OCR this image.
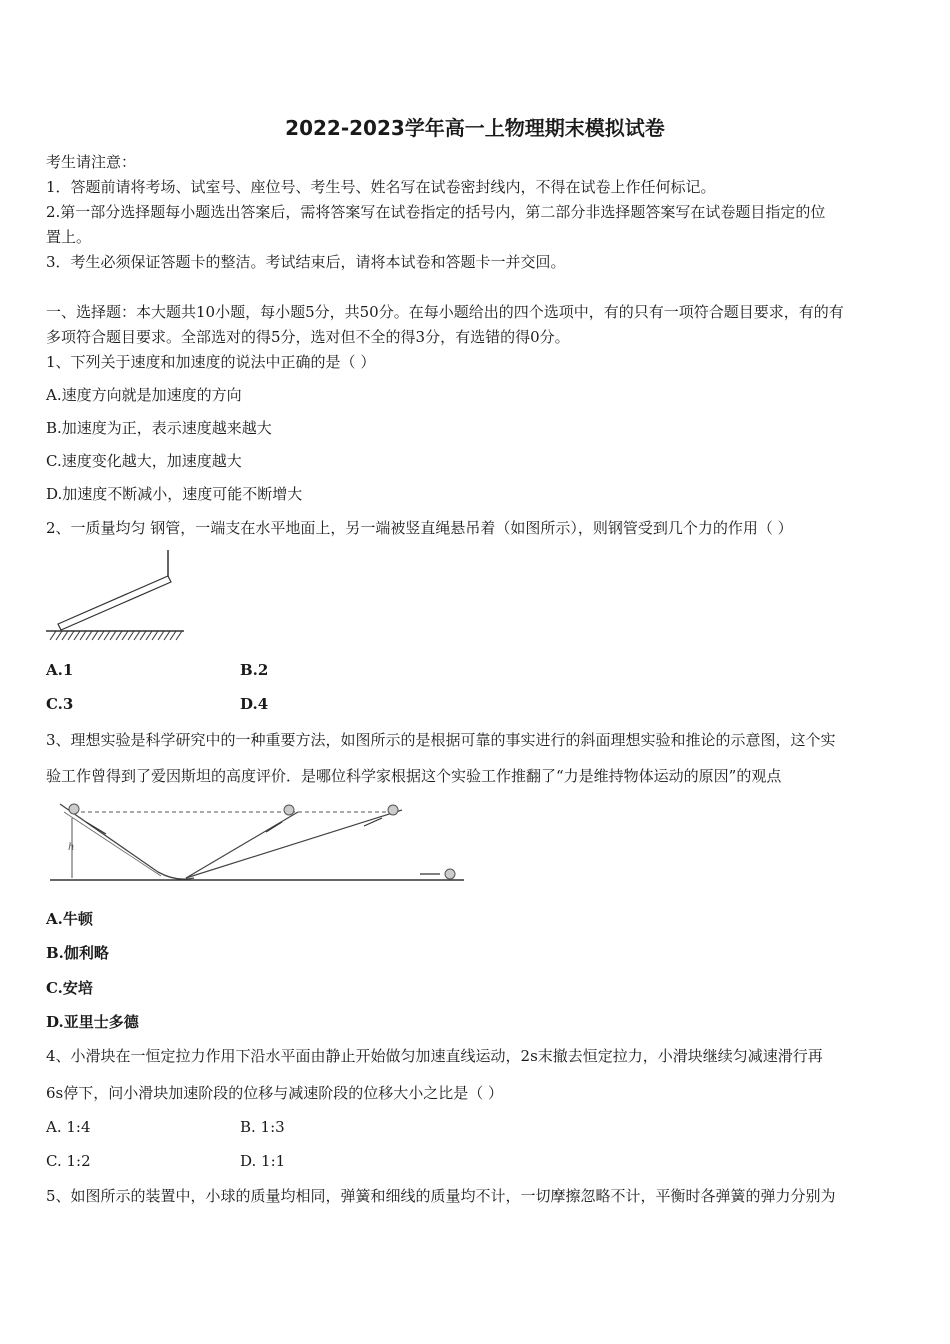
2022-2023学年高一上物理期末模拟试卷
考生请注意：
1．答题前请将考场、试室号、座位号、考生号、姓名写在试卷密封线内，不得在试卷上作任何标记。
2.第一部分选择题每小题选出答案后，需将答案写在试卷指定的括号内，第二部分非选择题答案写在试卷题目指定的位
置上。
3．考生必须保证答题卡的整洁。考试结束后，请将本试卷和答题卡一并交回。
一、选择题：本大题共10小题，每小题5分，共50分。在每小题给出的四个选项中，有的只有一项符合题目要求，有的有
多项符合题目要求。全部选对的得5分，选对但不全的得3分，有选错的得0分。
1、下列关于速度和加速度的说法中正确的是（ ）
A.速度方向就是加速度的方向
B.加速度为正，表示速度越来越大
C.速度变化越大，加速度越大
D.加速度不断减小，速度可能不断增大
2、一质量均匀 钢管，一端支在水平地面上，另一端被竖直绳悬吊着（如图所示），则钢管受到几个力的作用（ ）
A.1	B.2
C.3	D.4
3、理想实验是科学研究中的一种重要方法，如图所示的是根据可靠的事实进行的斜面理想实验和推论的示意图，这个实
验工作曾得到了爱因斯坦的高度评价．是哪位科学家根据这个实验工作推翻了“力是维持物体运动的原因”的观点
h
A.牛顿
B.伽利略
C.安培
D.亚里士多德
4、小滑块在一恒定拉力作用下沿水平面由静止开始做匀加速直线运动，2s末撤去恒定拉力，小滑块继续匀减速滑行再
6s停下，问小滑块加速阶段的位移与减速阶段的位移大小之比是（ ）
A. 1:4	B. 1:3
C. 1:2	D. 1:1
5、如图所示的装置中，小球的质量均相同，弹簧和细线的质量均不计，一切摩擦忽略不计，平衡时各弹簧的弹力分别为
